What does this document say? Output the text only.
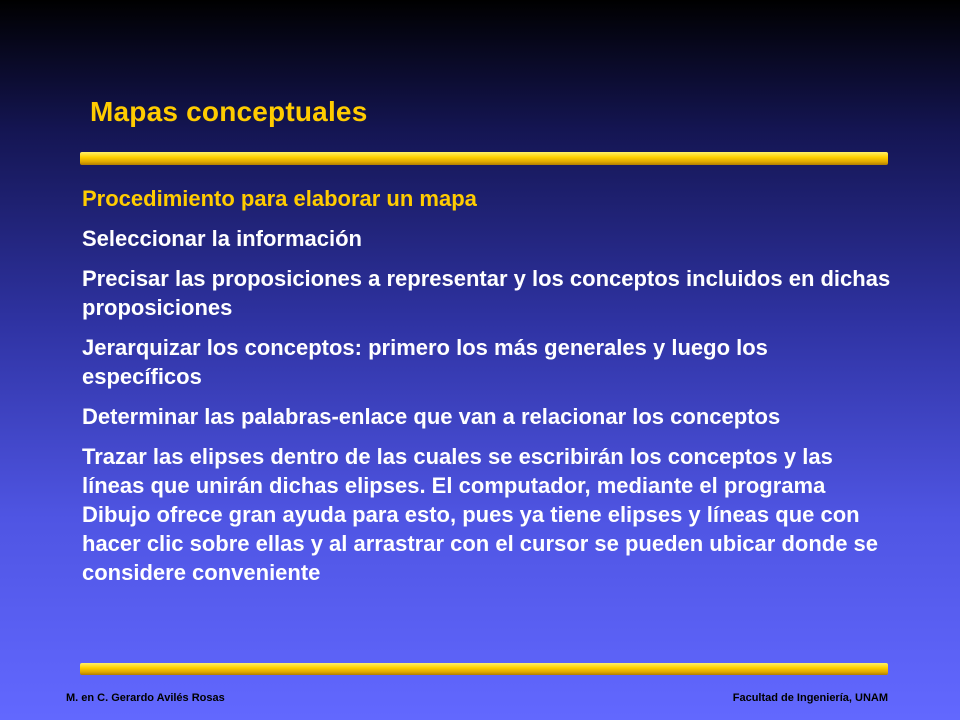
Mapas conceptuales
Procedimiento para elaborar un mapa
Seleccionar la información
Precisar las proposiciones a representar y los conceptos incluidos en dichas proposiciones
Jerarquizar los conceptos: primero los más generales y luego los específicos
Determinar las palabras-enlace que van a relacionar los conceptos
Trazar las elipses dentro de las cuales se escribirán los conceptos y las líneas que unirán dichas elipses. El computador, mediante el programa Dibujo ofrece gran ayuda para esto, pues ya tiene elipses y líneas que con hacer clic sobre ellas y al arrastrar con el cursor se pueden ubicar donde se considere conveniente
M. en C. Gerardo Avilés Rosas	Facultad de Ingeniería, UNAM
